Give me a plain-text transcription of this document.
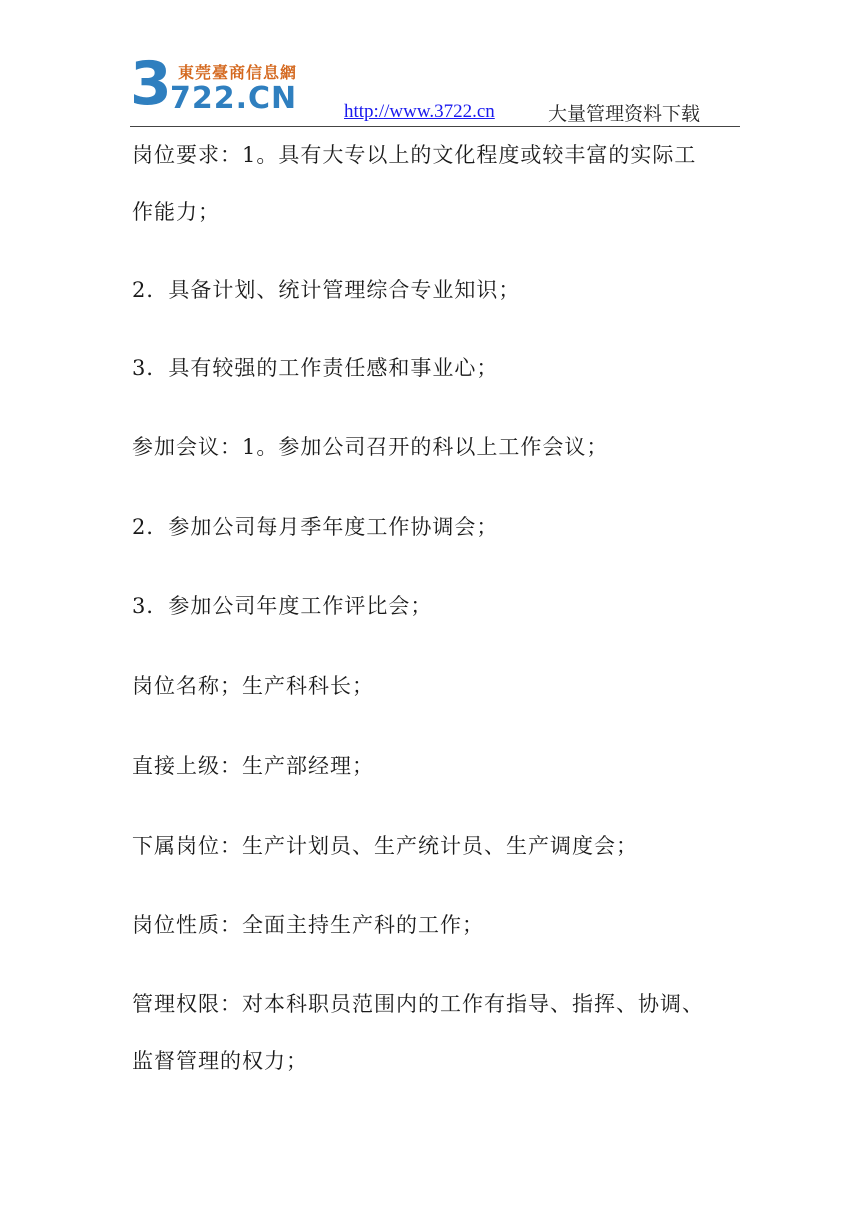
3 東莞臺商信息網
722.CN http://www.3722.cn	大量管理资料下载

岗位要求：1。具有大专以上的文化程度或较丰富的实际工

作能力；

2．具备计划、统计管理综合专业知识；

3．具有较强的工作责任感和事业心；

参加会议：1。参加公司召开的科以上工作会议；

2．参加公司每月季年度工作协调会；

3．参加公司年度工作评比会；

岗位名称；生产科科长；

直接上级：生产部经理；

下属岗位：生产计划员、生产统计员、生产调度会；

岗位性质：全面主持生产科的工作；

管理权限：对本科职员范围内的工作有指导、指挥、协调、

监督管理的权力；
